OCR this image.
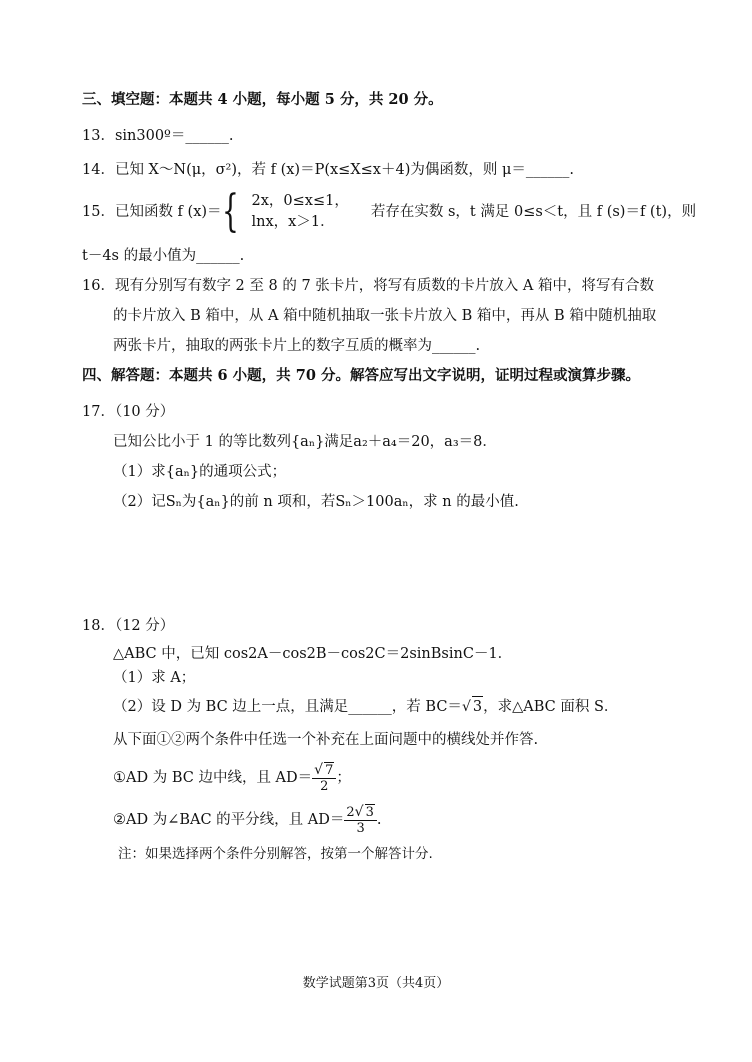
三、填空题：本题共 4 小题，每小题 5 分，共 20 分。
13．sin300º＝______.
14．已知 X～N(μ，σ²)，若 f (x)＝P(x≤X≤x＋4)为偶函数，则 μ＝______.
15．已知函数 f (x)＝{ 2x，0≤x≤1，
lnx，x＞1．
若存在实数 s，t 满足 0≤s＜t，且 f (s)＝f (t)，则
t－4s 的最小值为______.
16．现有分别写有数字 2 至 8 的 7 张卡片，将写有质数的卡片放入 A 箱中，将写有合数
的卡片放入 B 箱中，从 A 箱中随机抽取一张卡片放入 B 箱中，再从 B 箱中随机抽取
两张卡片，抽取的两张卡片上的数字互质的概率为______.
四、解答题：本题共 6 小题，共 70 分。解答应写出文字说明，证明过程或演算步骤。
17．（10 分）
已知公比小于 1 的等比数列{aₙ}满足a₂＋a₄＝20，a₃＝8．
（1）求{aₙ}的通项公式；
（2）记Sₙ为{aₙ}的前 n 项和，若Sₙ＞100aₙ，求 n 的最小值.
18．（12 分）
△ABC 中，已知 cos2A－cos2B－cos2C＝2sinBsinC－1．
（1）求 A；
（2）设 D 为 BC 边上一点，且满足______，若 BC＝√ 3，求△ABC 面积 S．
从下面①②两个条件中任选一个补充在上面问题中的横线处并作答.
①AD 为 BC 边中线，且 $AD= \frac{√ 7}{2}$ ；
②AD 为∠BAC 的平分线，且 $AD= \frac{2√ 3}{3}$ .
注：如果选择两个条件分别解答，按第一个解答计分.
数学试题第3页（共4页）
